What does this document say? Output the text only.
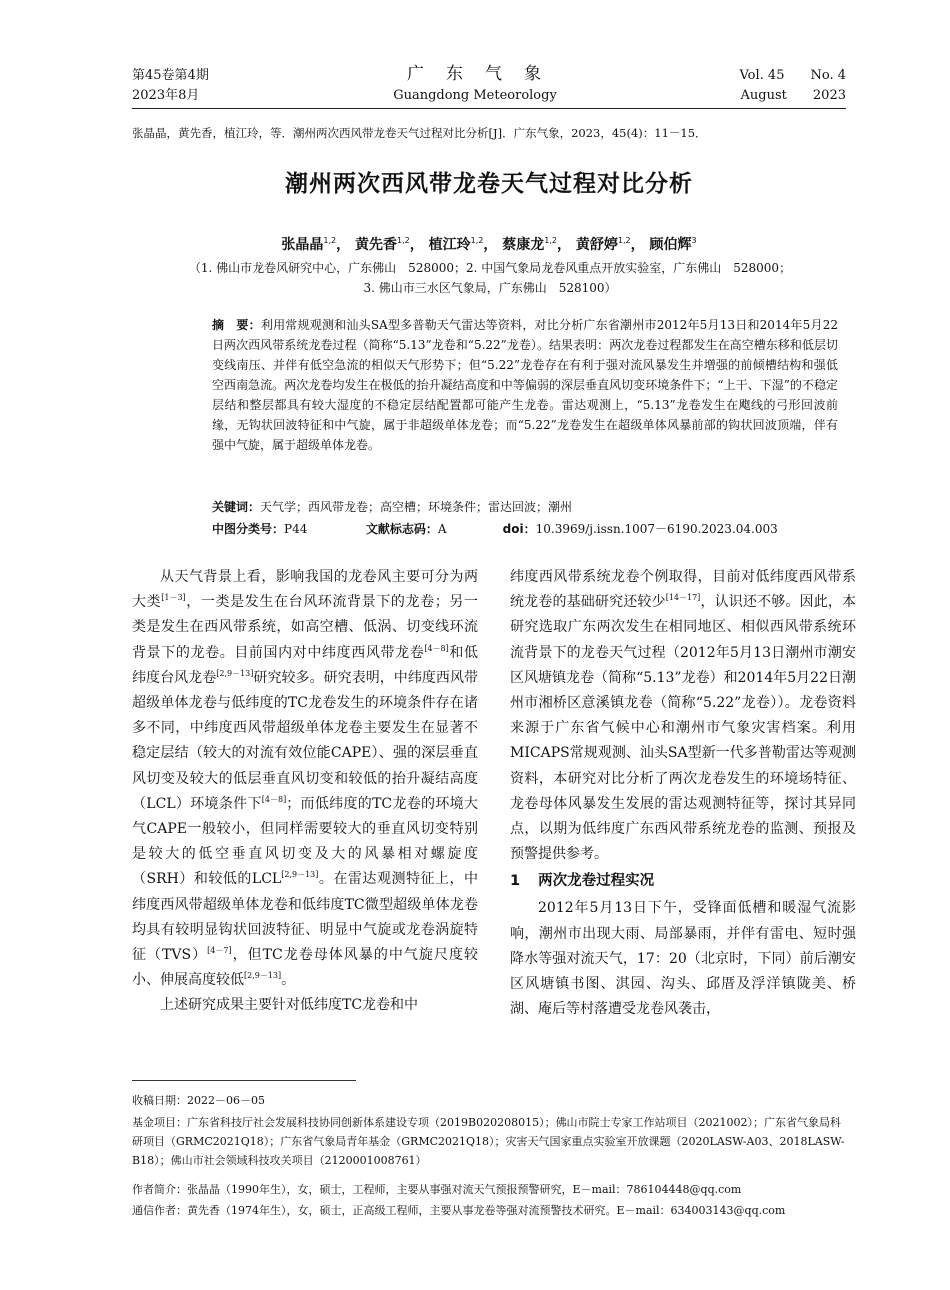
第45卷第4期
2023年8月
广东气象
Guangdong Meteorology
Vol. 45 No. 4
August 2023
张晶晶，黄先香，植江玲，等．潮州两次西风带龙卷天气过程对比分析[J]．广东气象，2023，45(4)：11－15．
潮州两次西风带龙卷天气过程对比分析
张晶晶$^{1,2}$， 黄先香$^{1,2}$， 植江玲$^{1,2}$， 蔡康龙$^{1,2}$， 黄舒婷$^{1,2}$， 顾伯辉$^3$
（1. 佛山市龙卷风研究中心，广东佛山　528000；2. 中国气象局龙卷风重点开放实验室，广东佛山　528000；
3. 佛山市三水区气象局，广东佛山　528100）
摘　要：利用常规观测和汕头SA型多普勒天气雷达等资料，对比分析广东省潮州市2012年5月13日和2014年5月22日两次西风带系统龙卷过程（简称“5.13”龙卷和“5.22”龙卷）。结果表明：两次龙卷过程都发生在高空槽东移和低层切变线南压、并伴有低空急流的相似天气形势下；但“5.22”龙卷存在有利于强对流风暴发生并增强的前倾槽结构和强低空西南急流。两次龙卷均发生在极低的抬升凝结高度和中等偏弱的深层垂直风切变环境条件下；“上干、下湿”的不稳定层结和整层都具有较大湿度的不稳定层结配置都可能产生龙卷。雷达观测上，“5.13”龙卷发生在飑线的弓形回波前缘，无钩状回波特征和中气旋，属于非超级单体龙卷；而“5.22”龙卷发生在超级单体风暴前部的钩状回波顶端，伴有强中气旋，属于超级单体龙卷。
关键词：天气学；西风带龙卷；高空槽；环境条件；雷达回波；潮州
中图分类号：P44	文献标志码：A	doi：10.3969/j.issn.1007－6190.2023.04.003

从天气背景上看，影响我国的龙卷风主要可分为两大类[1－3]，一类是发生在台风环流背景下的龙卷；另一类是发生在西风带系统，如高空槽、低涡、切变线环流背景下的龙卷。目前国内对中纬度西风带龙卷[4－8]和低纬度台风龙卷[2,9－13]研究较多。研究表明，中纬度西风带超级单体龙卷与低纬度的TC龙卷发生的环境条件存在诸多不同，中纬度西风带超级单体龙卷主要发生在显著不稳定层结（较大的对流有效位能CAPE）、强的深层垂直风切变及较大的低层垂直风切变和较低的抬升凝结高度（LCL）环境条件下[4－8]；而低纬度的TC龙卷的环境大气CAPE一般较小，但同样需要较大的垂直风切变特别是较大的低空垂直风切变及大的风暴相对螺旋度（SRH）和较低的LCL[2,9－13]。在雷达观测特征上，中纬度西风带超级单体龙卷和低纬度TC微型超级单体龙卷均具有较明显钩状回波特征、明显中气旋或龙卷涡旋特征（TVS）[4－7]，但TC龙卷母体风暴的中气旋尺度较小、伸展高度较低[2,9－13]。

上述研究成果主要针对低纬度TC龙卷和中

纬度西风带系统龙卷个例取得，目前对低纬度西风带系统龙卷的基础研究还较少[14－17]，认识还不够。因此，本研究选取广东两次发生在相同地区、相似西风带系统环流背景下的龙卷天气过程（2012年5月13日潮州市潮安区风塘镇龙卷（简称“5.13”龙卷）和2014年5月22日潮州市湘桥区意溪镇龙卷（简称“5.22”龙卷））。龙卷资料来源于广东省气候中心和潮州市气象灾害档案。利用MICAPS常规观测、汕头SA型新一代多普勒雷达等观测资料，本研究对比分析了两次龙卷发生的环境场特征、龙卷母体风暴发生发展的雷达观测特征等，探讨其异同点，以期为低纬度广东西风带系统龙卷的监测、预报及预警提供参考。

1 两次龙卷过程实况

2012年5月13日下午，受锋面低槽和暖湿气流影响，潮州市出现大雨、局部暴雨，并伴有雷电、短时强降水等强对流天气，17：20（北京时，下同）前后潮安区风塘镇书图、淇园、沟头、邱厝及浮洋镇陇美、桥湖、庵后等村落遭受龙卷风袭击，

收稿日期：2022－06－05
基金项目：广东省科技厅社会发展科技协同创新体系建设专项（2019B020208015）；佛山市院士专家工作站项目（2021002）；广东省气象局科研项目（GRMC2021Q18）；广东省气象局青年基金（GRMC2021Q18）；灾害天气国家重点实验室开放课题（2020LASW-A03、2018LASW-B18）；佛山市社会领域科技攻关项目（2120001008761）
作者简介：张晶晶（1990年生），女，硕士，工程师，主要从事强对流天气预报预警研究，E－mail：786104448@qq.com
通信作者：黄先香（1974年生），女，硕士，正高级工程师，主要从事龙卷等强对流预警技术研究。E－mail：634003143@qq.com
